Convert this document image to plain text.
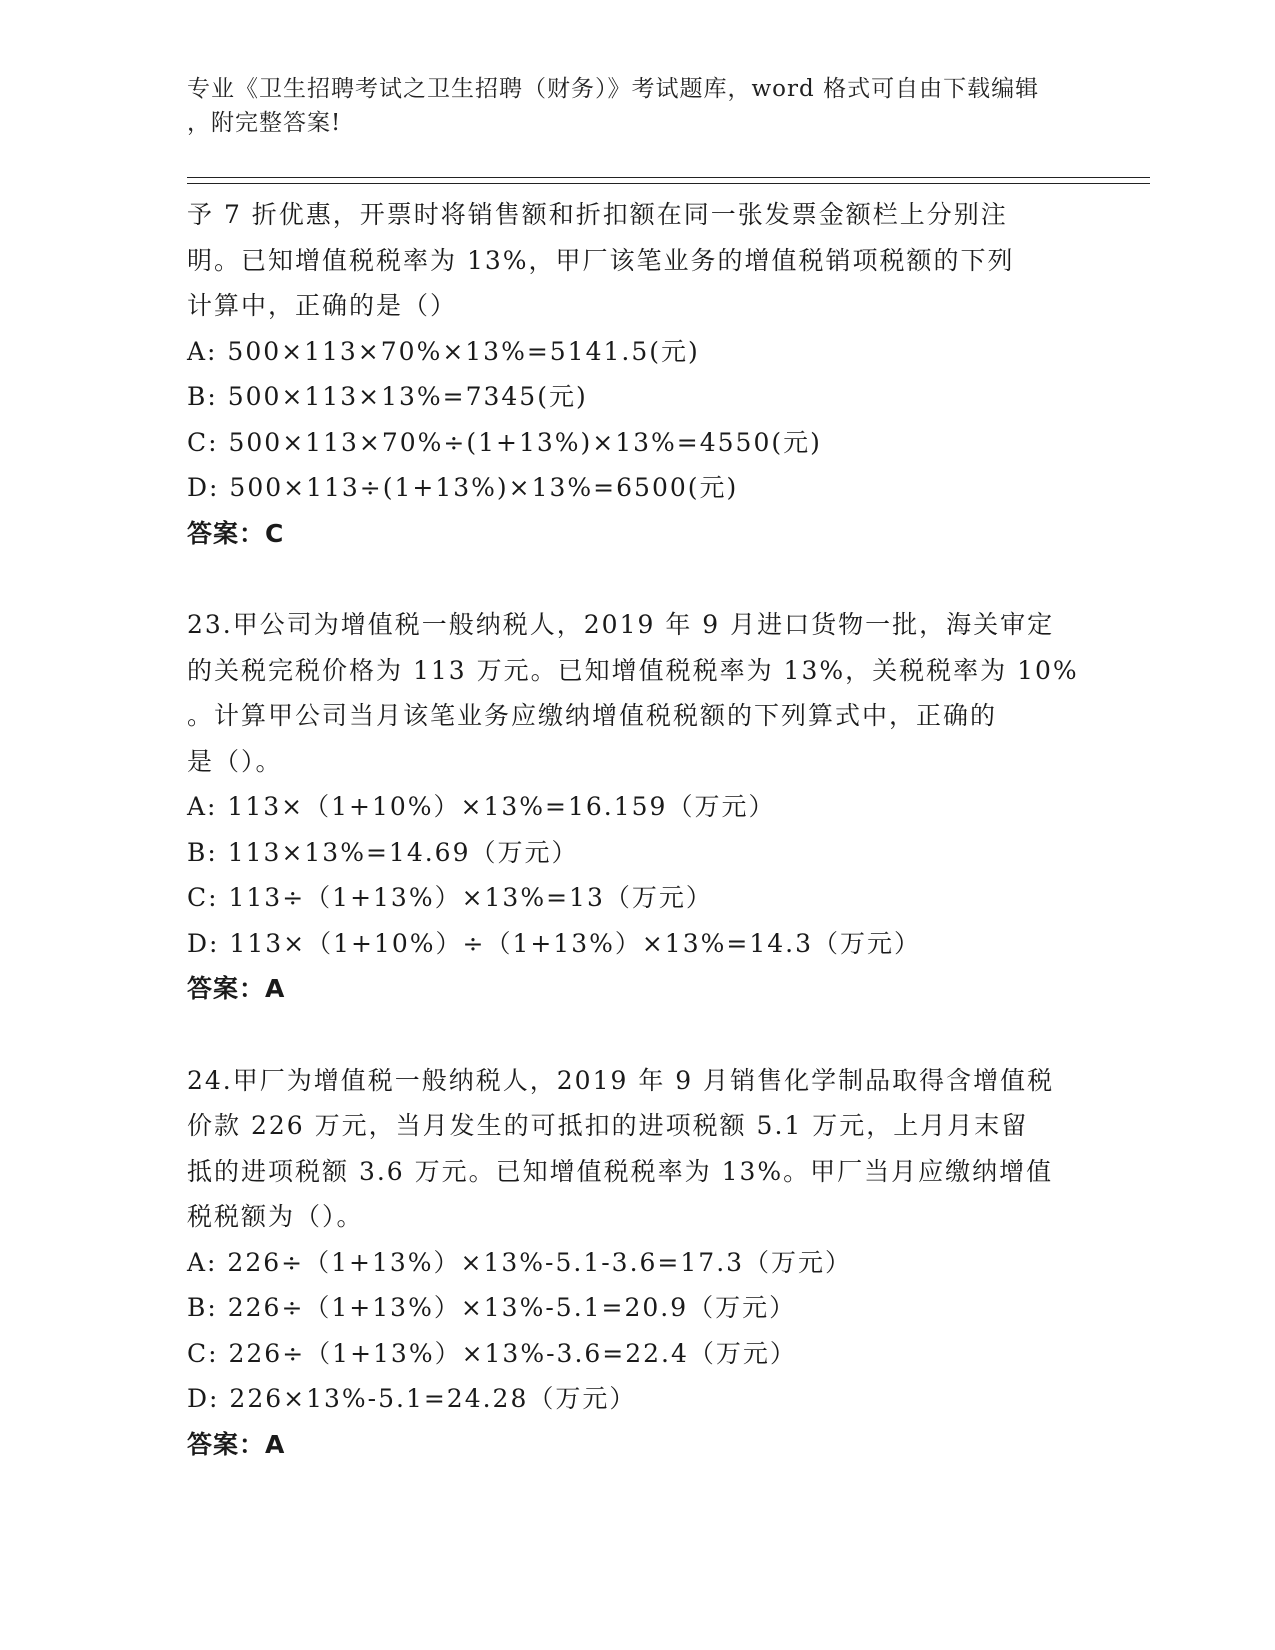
专业《卫生招聘考试之卫生招聘（财务）》考试题库，word 格式可自由下载编辑
，附完整答案!
予 7 折优惠，开票时将销售额和折扣额在同一张发票金额栏上分别注
明。已知增值税税率为 13%，甲厂该笔业务的增值税销项税额的下列
计算中，正确的是（）
A: 500×113×70%×13%=5141.5(元)
B: 500×113×13%=7345(元)
C: 500×113×70%÷(1+13%)×13%=4550(元)
D: 500×113÷(1+13%)×13%=6500(元)
答案：C
23.甲公司为增值税一般纳税人，2019 年 9 月进口货物一批，海关审定
的关税完税价格为 113 万元。已知增值税税率为 13%，关税税率为 10%
。计算甲公司当月该笔业务应缴纳增值税税额的下列算式中，正确的
是（）。
A: 113×（1+10%）×13%=16.159（万元）
B: 113×13%=14.69（万元）
C: 113÷（1+13%）×13%=13（万元）
D: 113×（1+10%）÷（1+13%）×13%=14.3（万元）
答案：A
24.甲厂为增值税一般纳税人，2019 年 9 月销售化学制品取得含增值税
价款 226 万元，当月发生的可抵扣的进项税额 5.1 万元，上月月末留
抵的进项税额 3.6 万元。已知增值税税率为 13%。甲厂当月应缴纳增值
税税额为（）。
A: 226÷（1+13%）×13%-5.1-3.6=17.3（万元）
B: 226÷（1+13%）×13%-5.1=20.9（万元）
C: 226÷（1+13%）×13%-3.6=22.4（万元）
D: 226×13%-5.1=24.28（万元）
答案：A
